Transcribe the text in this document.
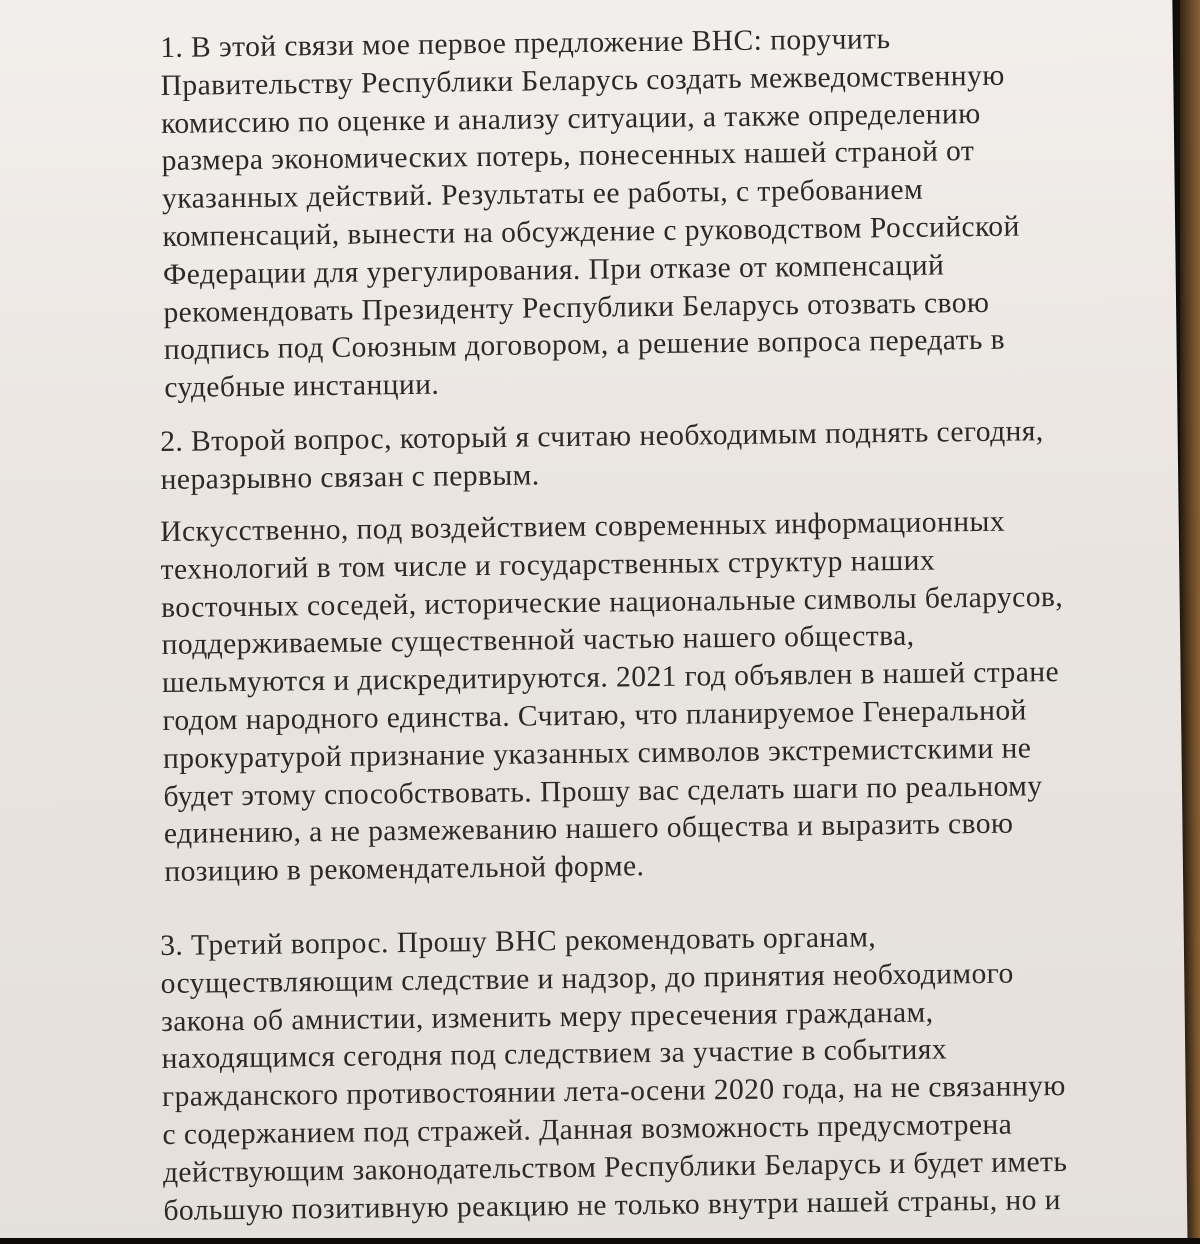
1. В этой связи мое первое предложение ВНС: поручить
Правительству Республики Беларусь создать межведомственную
комиссию по оценке и анализу ситуации, а также определению
размера экономических потерь, понесенных нашей страной от
указанных действий. Результаты ее работы, с требованием
компенсаций, вынести на обсуждение с руководством Российской
Федерации для урегулирования. При отказе от компенсаций
рекомендовать Президенту Республики Беларусь отозвать свою
подпись под Союзным договором, а решение вопроса передать в
судебные инстанции.

2. Второй вопрос, который я считаю необходимым поднять сегодня,
неразрывно связан с первым.

Искусственно, под воздействием современных информационных
технологий в том числе и государственных структур наших
восточных соседей, исторические национальные символы беларусов,
поддерживаемые существенной частью нашего общества,
шельмуются и дискредитируются. 2021 год объявлен в нашей стране
годом народного единства. Считаю, что планируемое Генеральной
прокуратурой признание указанных символов экстремистскими не
будет этому способствовать. Прошу вас сделать шаги по реальному
единению, а не размежеванию нашего общества и выразить свою
позицию в рекомендательной форме.

3. Третий вопрос. Прошу ВНС рекомендовать органам,
осуществляющим следствие и надзор, до принятия необходимого
закона об амнистии, изменить меру пресечения гражданам,
находящимся сегодня под следствием за участие в событиях
гражданского противостоянии лета-осени 2020 года, на не связанную
с содержанием под стражей. Данная возможность предусмотрена
действующим законодательством Республики Беларусь и будет иметь
большую позитивную реакцию не только внутри нашей страны, но и
